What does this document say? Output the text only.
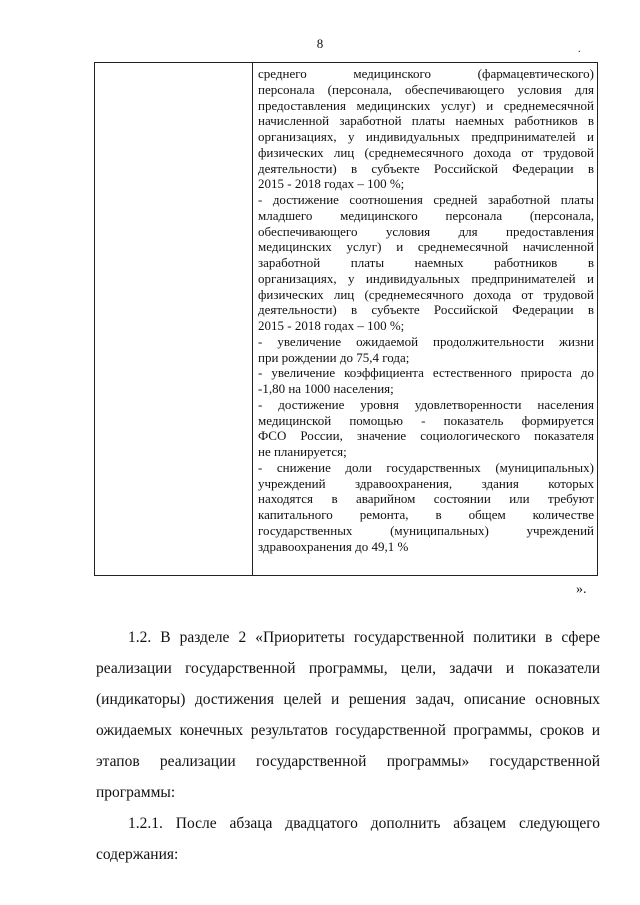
8	.
среднего медицинского (фармацевтического)
персонала (персонала, обеспечивающего условия для
предоставления медицинских услуг) и среднемесячной
начисленной заработной платы наемных работников в
организациях, у индивидуальных предпринимателей и
физических лиц (среднемесячного дохода от трудовой
деятельности) в субъекте Российской Федерации в
2015 - 2018 годах – 100 %;
- достижение соотношения средней заработной платы
младшего медицинского персонала (персонала,
обеспечивающего условия для предоставления
медицинских услуг) и среднемесячной начисленной
заработной платы наемных работников в
организациях, у индивидуальных предпринимателей и
физических лиц (среднемесячного дохода от трудовой
деятельности) в субъекте Российской Федерации в
2015 - 2018 годах – 100 %;
- увеличение ожидаемой продолжительности жизни
при рождении до 75,4 года;
- увеличение коэффициента естественного прироста до
-1,80 на 1000 населения;
- достижение уровня удовлетворенности населения
медицинской помощью - показатель формируется
ФСО России, значение социологического показателя
не планируется;
- снижение доли государственных (муниципальных)
учреждений здравоохранения, здания которых
находятся в аварийном состоянии или требуют
капитального ремонта, в общем количестве
государственных (муниципальных) учреждений
здравоохранения до 49,1 %
».
1.2. В разделе 2 «Приоритеты государственной политики в сфере
реализации государственной программы, цели, задачи и показатели
(индикаторы) достижения целей и решения задач, описание основных
ожидаемых конечных результатов государственной программы, сроков и
этапов реализации государственной программы» государственной
программы:
1.2.1. После абзаца двадцатого дополнить абзацем следующего
содержания:
